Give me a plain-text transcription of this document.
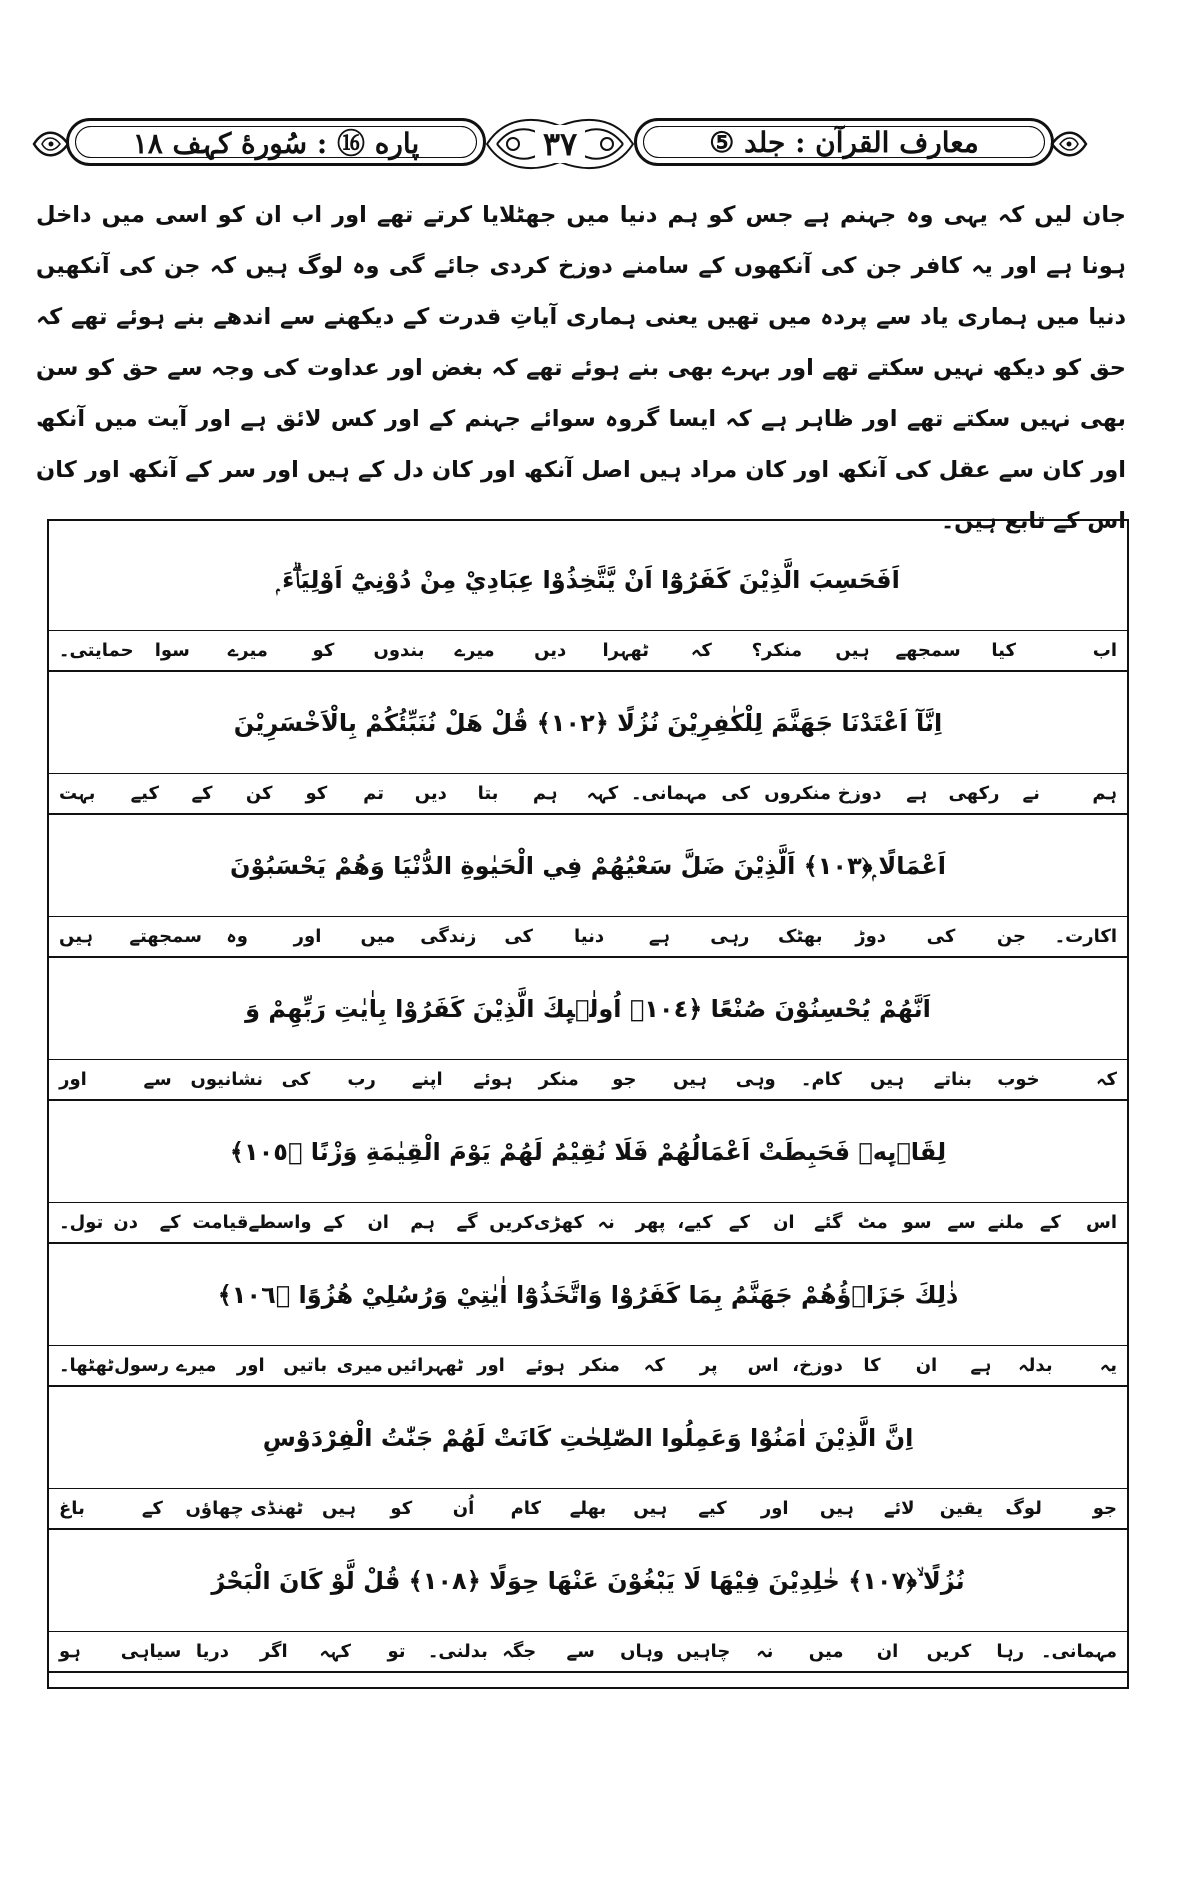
پاره ⑯ : سُورهٔ کہف ١٨	٣٧	معارف القرآن : جلد ⑤
جان لیں کہ یہی وہ جہنم ہے جس کو ہم دنیا میں جھٹلایا کرتے تھے اور اب ان کو اسی میں داخل ہونا ہے اور یہ کافر جن کی آنکھوں کے سامنے دوزخ کردی جائے گی وہ لوگ ہیں کہ جن کی آنکھیں دنیا میں ہماری یاد سے پردہ میں تھیں یعنی ہماری آیاتِ قدرت کے دیکھنے سے اندھے بنے ہوئے تھے کہ حق کو دیکھ نہیں سکتے تھے اور بہرے بھی بنے ہوئے تھے کہ بغض اور عداوت کی وجہ سے حق کو سن بھی نہیں سکتے تھے اور ظاہر ہے کہ ایسا گروہ سوائے جہنم کے اور کس لائق ہے اور آیت میں آنکھ اور کان سے عقل کی آنکھ اور کان مراد ہیں اصل آنکھ اور کان دل کے ہیں اور سر کے آنکھ اور کان اس کے تابع ہیں۔
اَفَحَسِبَ الَّذِيْنَ كَفَرُوْٓا اَنْ يَّتَّخِذُوْا عِبَادِيْ مِنْ دُوْنِيْٓ اَوْلِيَاۗءَ ۭ
اب
کیا
سمجھے
ہیں
منکر؟
کہ
ٹھہرا
دیں
میرے
بندوں
کو
میرے
سوا
حمایتی۔
اِنَّآ اَعْتَدْنَا جَهَنَّمَ لِلْكٰفِرِيْنَ نُزُلًا ﴿١٠٢﴾ قُلْ هَلْ نُنَبِّئُكُمْ بِالْاَخْسَرِيْنَ
ہم
نے
رکھی
ہے
دوزخ
منکروں
کی
مہمانی۔
کہہ
ہم
بتا
دیں
تم
کو
کن
کے
کیے
بہت
اَعْمَالًا ۭ﴿١٠٣﴾ اَلَّذِيْنَ ضَلَّ سَعْيُهُمْ فِي الْحَيٰوةِ الدُّنْيَا وَهُمْ يَحْسَبُوْنَ
اکارت۔
جن
کی
دوڑ
بھٹک
رہی
ہے
دنیا
کی
زندگی
میں
اور
وہ
سمجھتے
ہیں
اَنَّهُمْ يُحْسِنُوْنَ صُنْعًا ﴿١٠٤﴾ اُولٰۗىِٕكَ الَّذِيْنَ كَفَرُوْا بِاٰيٰتِ رَبِّهِمْ وَ
کہ
خوب
بناتے
ہیں
کام۔
وہی
ہیں
جو
منکر
ہوئے
اپنے
رب
کی
نشانیوں
سے
اور
لِقَاۗىِٕهٖ فَحَبِطَتْ اَعْمَالُهُمْ فَلَا نُقِيْمُ لَهُمْ يَوْمَ الْقِيٰمَةِ وَزْنًا ﴿١٠٥﴾
اس
کے
ملنے
سے
سو
مٹ
گئے
ان
کے
کیے،
پھر
نہ
کھڑی
کریں
گے
ہم
ان
کے
واسطے
قیامت
کے
دن
تول۔
ذٰلِكَ جَزَاۗؤُهُمْ جَهَنَّمُ بِمَا كَفَرُوْا وَاتَّخَذُوْٓا اٰيٰتِيْ وَرُسُلِيْ هُزُوًا ﴿١٠٦﴾
یہ
بدلہ
ہے
ان
کا
دوزخ،
اس
پر
کہ
منکر
ہوئے
اور
ٹھہرائیں
میری
باتیں
اور
میرے
رسول
ٹھٹھا۔
اِنَّ الَّذِيْنَ اٰمَنُوْا وَعَمِلُوا الصّٰلِحٰتِ كَانَتْ لَهُمْ جَنّٰتُ الْفِرْدَوْسِ
جو
لوگ
یقین
لائے
ہیں
اور
کیے
ہیں
بھلے
کام
اُن
کو
ہیں
ٹھنڈی
چھاؤں
کے
باغ
نُزُلًا ۙ﴿١٠٧﴾ خٰلِدِيْنَ فِيْهَا لَا يَبْغُوْنَ عَنْهَا حِوَلًا ﴿١٠٨﴾ قُلْ لَّوْ كَانَ الْبَحْرُ
مہمانی۔
رہا
کریں
ان
میں
نہ
چاہیں
وہاں
سے
جگہ
بدلنی۔
تو
کہہ
اگر
دریا
سیاہی
ہو
